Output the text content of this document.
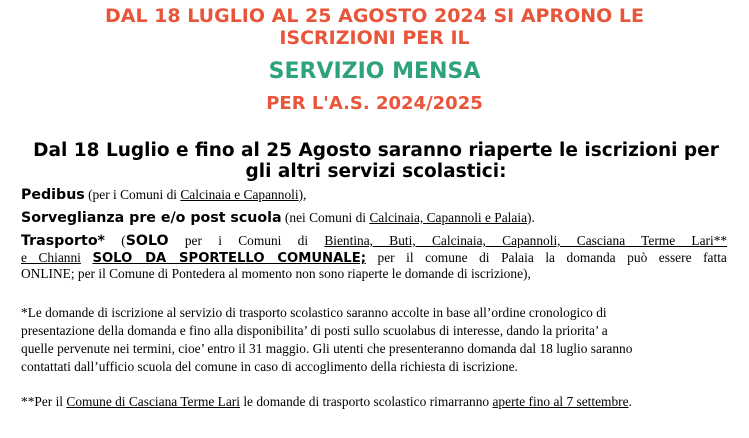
DAL 18 LUGLIO AL 25 AGOSTO 2024 SI APRONO LE
ISCRIZIONI PER IL
SERVIZIO MENSA
PER L'A.S. 2024/2025
Dal 18 Luglio e fino al 25 Agosto saranno riaperte le iscrizioni per
gli altri servizi scolastici:
Pedibus (per i Comuni di Calcinaia e Capannoli),
Sorveglianza pre e/o post scuola (nei Comuni di Calcinaia, Capannoli e Palaia).
Trasporto* (SOLO per i Comuni di Bientina, Buti, Calcinaia, Capannoli, Casciana Terme Lari**
e Chianni SOLO DA SPORTELLO COMUNALE; per il comune di Palaia la domanda può essere fatta
ONLINE; per il Comune di Pontedera al momento non sono riaperte le domande di iscrizione),
*Le domande di iscrizione al servizio di trasporto scolastico saranno accolte in base all’ordine cronologico di
presentazione della domanda e fino alla disponibilita’ di posti sullo scuolabus di interesse, dando la priorita’ a
quelle pervenute nei termini, cioe’ entro il 31 maggio. Gli utenti che presenteranno domanda dal 18 luglio saranno
contattati dall’ufficio scuola del comune in caso di accoglimento della richiesta di iscrizione.
**Per il Comune di Casciana Terme Lari le domande di trasporto scolastico rimarranno aperte fino al 7 settembre.
